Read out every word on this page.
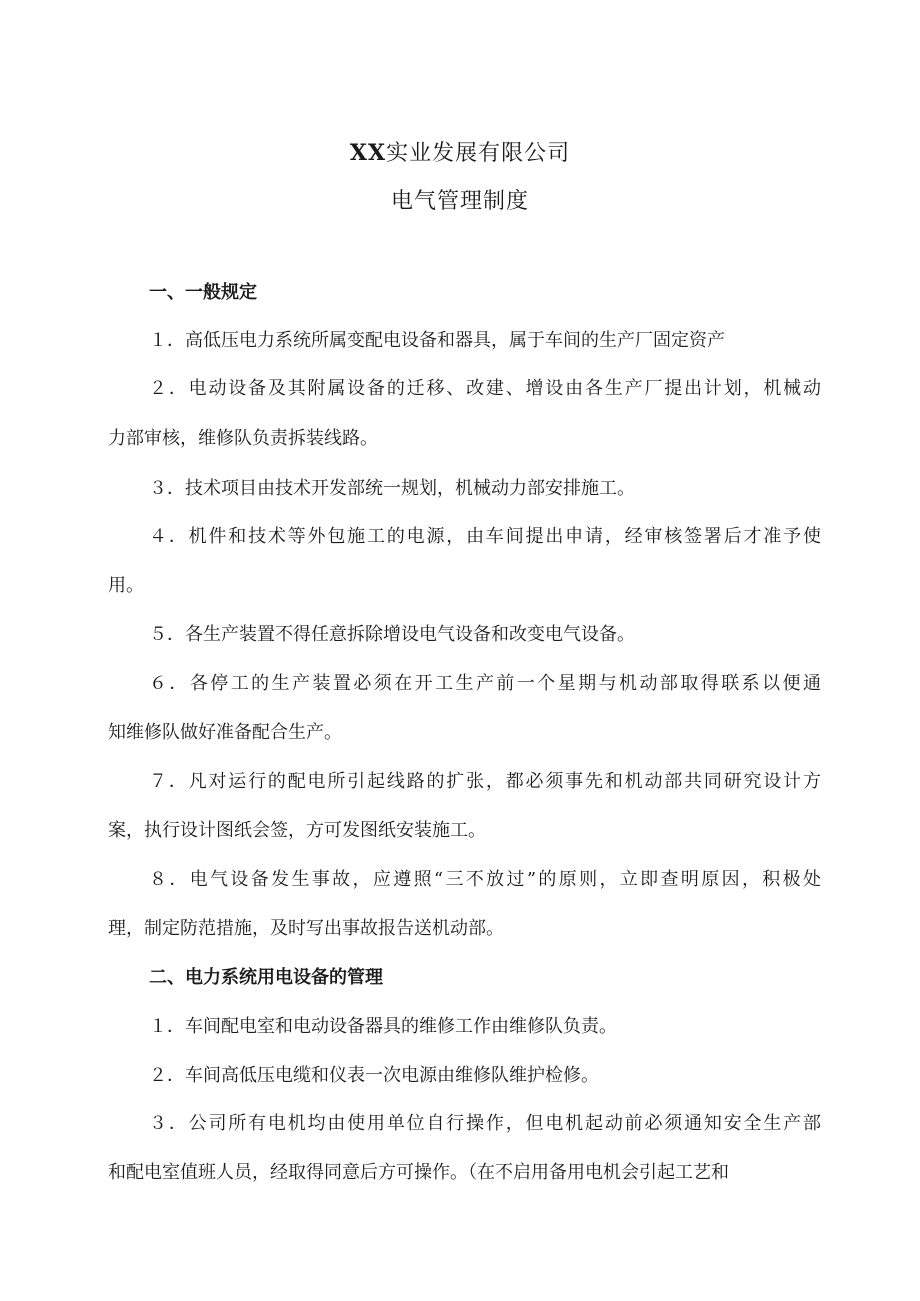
XX实业发展有限公司
电气管理制度
一、一般规定
１．高低压电力系统所属变配电设备和器具，属于车间的生产厂固定资产
２．电动设备及其附属设备的迁移、改建、增设由各生产厂提出计划，机械动
力部审核，维修队负责拆装线路。
３．技术项目由技术开发部统一规划，机械动力部安排施工。
４．机件和技术等外包施工的电源，由车间提出申请，经审核签署后才准予使
用。
５．各生产装置不得任意拆除增设电气设备和改变电气设备。
６．各停工的生产装置必须在开工生产前一个星期与机动部取得联系以便通
知维修队做好准备配合生产。
７．凡对运行的配电所引起线路的扩张，都必须事先和机动部共同研究设计方
案，执行设计图纸会签，方可发图纸安装施工。
８．电气设备发生事故，应遵照“三不放过”的原则，立即查明原因，积极处
理，制定防范措施，及时写出事故报告送机动部。
二、电力系统用电设备的管理
１．车间配电室和电动设备器具的维修工作由维修队负责。
２．车间高低压电缆和仪表一次电源由维修队维护检修。
３．公司所有电机均由使用单位自行操作，但电机起动前必须通知安全生产部
和配电室值班人员，经取得同意后方可操作。（在不启用备用电机会引起工艺和
